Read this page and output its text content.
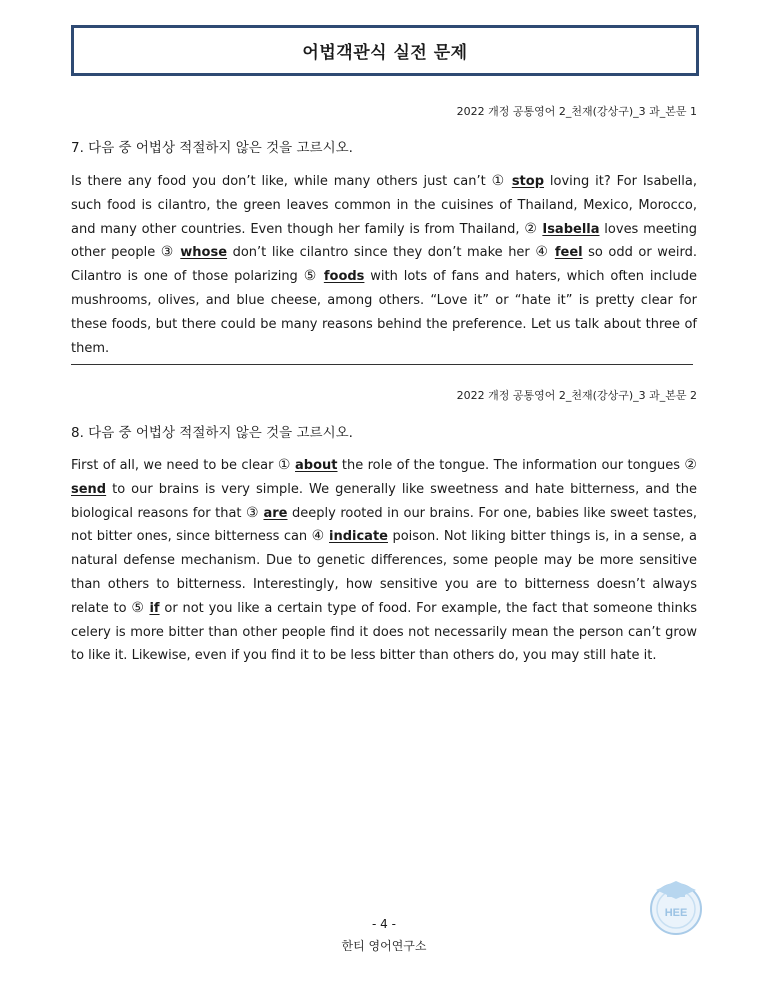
어법객관식 실전 문제
2022 개정 공통영어 2_천재(강상구)_3 과_본문 1
7. 다음 중 어법상 적절하지 않은 것을 고르시오.
Is there any food you don’t like, while many others just can’t ① stop loving it? For Isabella, such food is cilantro, the green leaves common in the cuisines of Thailand, Mexico, Morocco, and many other countries. Even though her family is from Thailand, ② Isabella loves meeting other people ③ whose don’t like cilantro since they don’t make her ④ feel so odd or weird. Cilantro is one of those polarizing ⑤ foods with lots of fans and haters, which often include mushrooms, olives, and blue cheese, among others. “Love it” or “hate it” is pretty clear for these foods, but there could be many reasons behind the preference. Let us talk about three of them.
2022 개정 공통영어 2_천재(강상구)_3 과_본문 2
8. 다음 중 어법상 적절하지 않은 것을 고르시오.
First of all, we need to be clear ① about the role of the tongue. The information our tongues ② send to our brains is very simple. We generally like sweetness and hate bitterness, and the biological reasons for that ③ are deeply rooted in our brains. For one, babies like sweet tastes, not bitter ones, since bitterness can ④ indicate poison. Not liking bitter things is, in a sense, a natural defense mechanism. Due to genetic differences, some people may be more sensitive than others to bitterness. Interestingly, how sensitive you are to bitterness doesn’t always relate to ⑤ if or not you like a certain type of food. For example, the fact that someone thinks celery is more bitter than other people find it does not necessarily mean the person can’t grow to like it. Likewise, even if you find it to be less bitter than others do, you may still hate it.
HEE
- 4 -
한티 영어연구소
